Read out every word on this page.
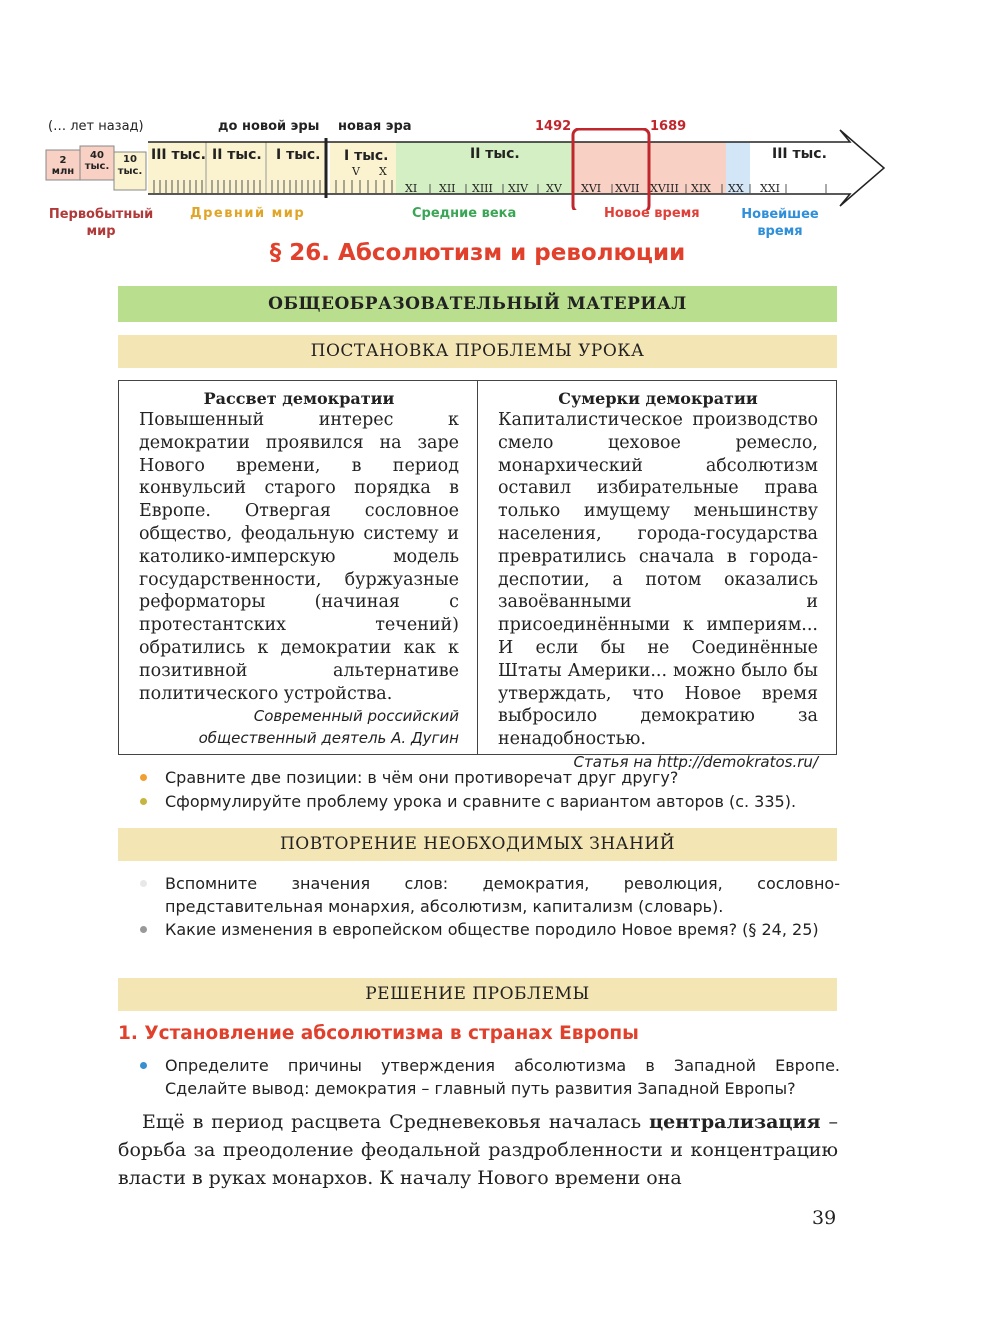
(… лет назад)	до новой эры новая эра	1492	1689
2 млн
40 тыс.
10 тыс.
III тыс. II тыс. I тыс. I тыс.	II тыс.	III тыс.
V X
XI XII XIII XIV XV XVI XVII XVIII XIX XX XXI
Первобытный мир
Древний мир	Средние века	Новое время	Новейшее время
§ 26. Абсолютизм и революции
ОБЩЕОБРАЗОВАТЕЛЬНЫЙ МАТЕРИАЛ
ПОСТАНОВКА ПРОБЛЕМЫ УРОКА
Рассвет демократии
Повышенный интерес к демократии проявился на заре Нового времени, в период конвульсий старого порядка в Европе. Отвергая сословное общество, феодальную систему и католико-имперскую модель государственности, буржуазные реформаторы (начиная с протестантских течений) обратились к демократии как к позитивной альтернативе политического устройства.
Современный российский общественный деятель А. Дугин
Сумерки демократии
Капиталистическое производство смело цеховое ремесло, монархический абсолютизм оставил избирательные права только имущему меньшинству населения, города-государства превратились сначала в города-деспотии, а потом оказались завоёванными и присоединёнными к империям... И если бы не Соединённые Штаты Америки... можно было бы утверждать, что Новое время выбросило демократию за ненадобностью.
Статья на http://demokratos.ru/
Сравните две позиции: в чём они противоречат друг другу?
Сформулируйте проблему урока и сравните с вариантом авторов (с. 335).
ПОВТОРЕНИЕ НЕОБХОДИМЫХ ЗНАНИЙ
Вспомните значения слов: демократия, революция, сословно-представительная монархия, абсолютизм, капитализм (словарь).
Какие изменения в европейском обществе породило Новое время? (§ 24, 25)
РЕШЕНИЕ ПРОБЛЕМЫ
1. Установление абсолютизма в странах Европы
Определите причины утверждения абсолютизма в Западной Европе. Сделайте вывод: демократия – главный путь развития Западной Европы?
Ещё в период расцвета Средневековья началась централизация – борьба за преодоление феодальной раздробленности и концентрацию власти в руках монархов. К началу Нового времени она
39
